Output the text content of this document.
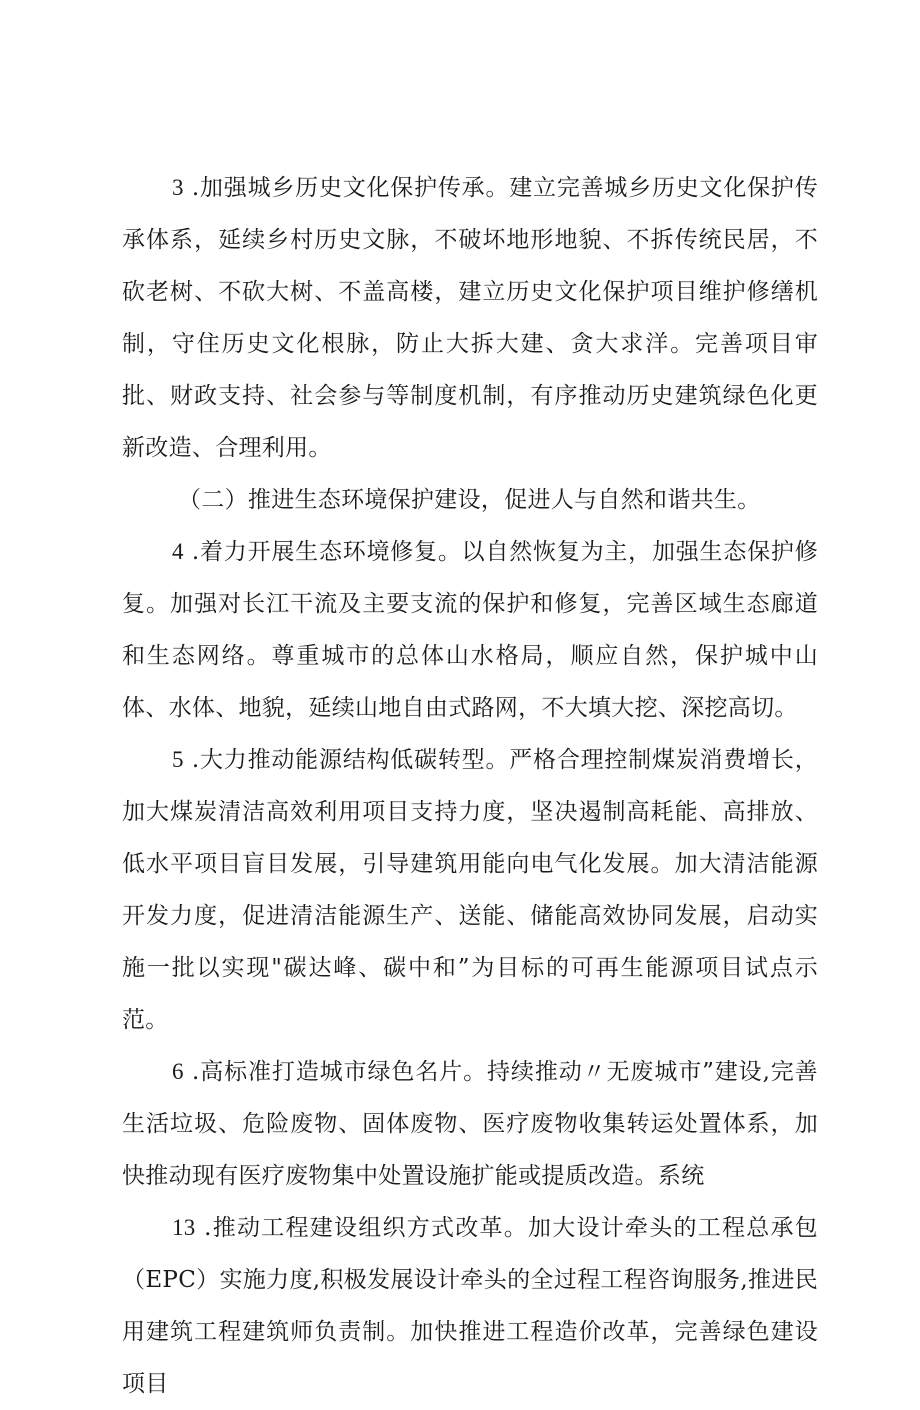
3 .加强城乡历史文化保护传承。建立完善城乡历史文化保护传承体系，延续乡村历史文脉，不破坏地形地貌、不拆传统民居，不砍老树、不砍大树、不盖高楼，建立历史文化保护项目维护修缮机制，守住历史文化根脉，防止大拆大建、贪大求洋。完善项目审批、财政支持、社会参与等制度机制，有序推动历史建筑绿色化更新改造、合理利用。

（二）推进生态环境保护建设，促进人与自然和谐共生。

4 .着力开展生态环境修复。以自然恢复为主，加强生态保护修复。加强对长江干流及主要支流的保护和修复，完善区域生态廊道和生态网络。尊重城市的总体山水格局，顺应自然，保护城中山体、水体、地貌，延续山地自由式路网，不大填大挖、深挖高切。

5 .大力推动能源结构低碳转型。严格合理控制煤炭消费增长，加大煤炭清洁高效利用项目支持力度，坚决遏制高耗能、高排放、低水平项目盲目发展，引导建筑用能向电气化发展。加大清洁能源开发力度，促进清洁能源生产、送能、储能高效协同发展，启动实施一批以实现"碳达峰、碳中和”为目标的可再生能源项目试点示范。

6 .高标准打造城市绿色名片。持续推动〃无废城市”建设,完善生活垃圾、危险废物、固体废物、医疗废物收集转运处置体系，加快推动现有医疗废物集中处置设施扩能或提质改造。系统

13 .推动工程建设组织方式改革。加大设计牵头的工程总承包（EPC）实施力度,积极发展设计牵头的全过程工程咨询服务,推进民用建筑工程建筑师负责制。加快推进工程造价改革，完善绿色建设项目
